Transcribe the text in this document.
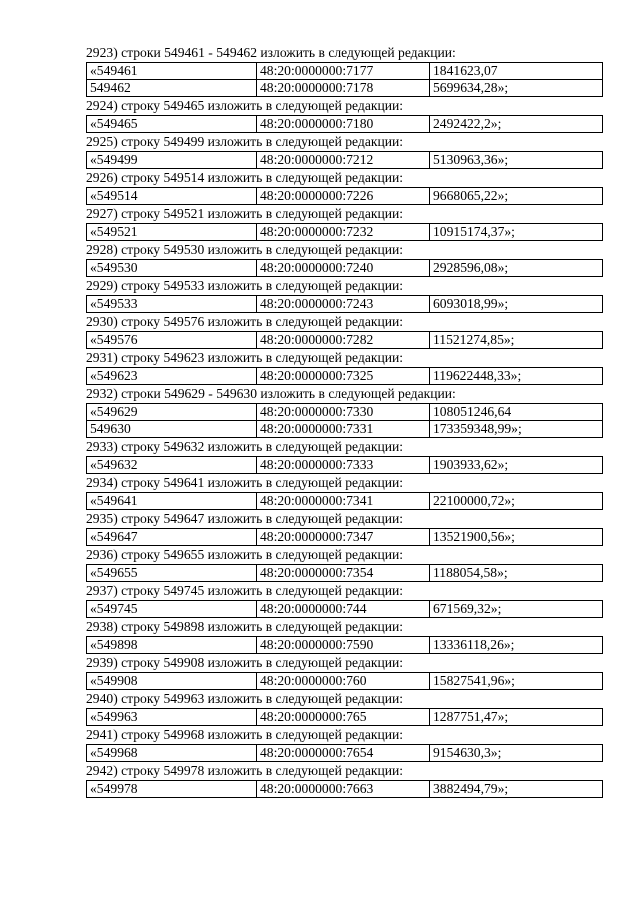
2923) строки 549461 - 549462 изложить в следующей редакции:
«549461	48:20:0000000:7177	1841623,07
549462	48:20:0000000:7178	5699634,28»;
2924) строку 549465 изложить в следующей редакции:
«549465	48:20:0000000:7180	2492422,2»;
2925) строку 549499 изложить в следующей редакции:
«549499	48:20:0000000:7212	5130963,36»;
2926) строку 549514 изложить в следующей редакции:
«549514	48:20:0000000:7226	9668065,22»;
2927) строку 549521 изложить в следующей редакции:
«549521	48:20:0000000:7232	10915174,37»;
2928) строку 549530 изложить в следующей редакции:
«549530	48:20:0000000:7240	2928596,08»;
2929) строку 549533 изложить в следующей редакции:
«549533	48:20:0000000:7243	6093018,99»;
2930) строку 549576 изложить в следующей редакции:
«549576	48:20:0000000:7282	11521274,85»;
2931) строку 549623 изложить в следующей редакции:
«549623	48:20:0000000:7325	119622448,33»;
2932) строки 549629 - 549630 изложить в следующей редакции:
«549629	48:20:0000000:7330	108051246,64
549630	48:20:0000000:7331	173359348,99»;
2933) строку 549632 изложить в следующей редакции:
«549632	48:20:0000000:7333	1903933,62»;
2934) строку 549641 изложить в следующей редакции:
«549641	48:20:0000000:7341	22100000,72»;
2935) строку 549647 изложить в следующей редакции:
«549647	48:20:0000000:7347	13521900,56»;
2936) строку 549655 изложить в следующей редакции:
«549655	48:20:0000000:7354	1188054,58»;
2937) строку 549745 изложить в следующей редакции:
«549745	48:20:0000000:744	671569,32»;
2938) строку 549898 изложить в следующей редакции:
«549898	48:20:0000000:7590	13336118,26»;
2939) строку 549908 изложить в следующей редакции:
«549908	48:20:0000000:760	15827541,96»;
2940) строку 549963 изложить в следующей редакции:
«549963	48:20:0000000:765	1287751,47»;
2941) строку 549968 изложить в следующей редакции:
«549968	48:20:0000000:7654	9154630,3»;
2942) строку 549978 изложить в следующей редакции:
«549978	48:20:0000000:7663	3882494,79»;
